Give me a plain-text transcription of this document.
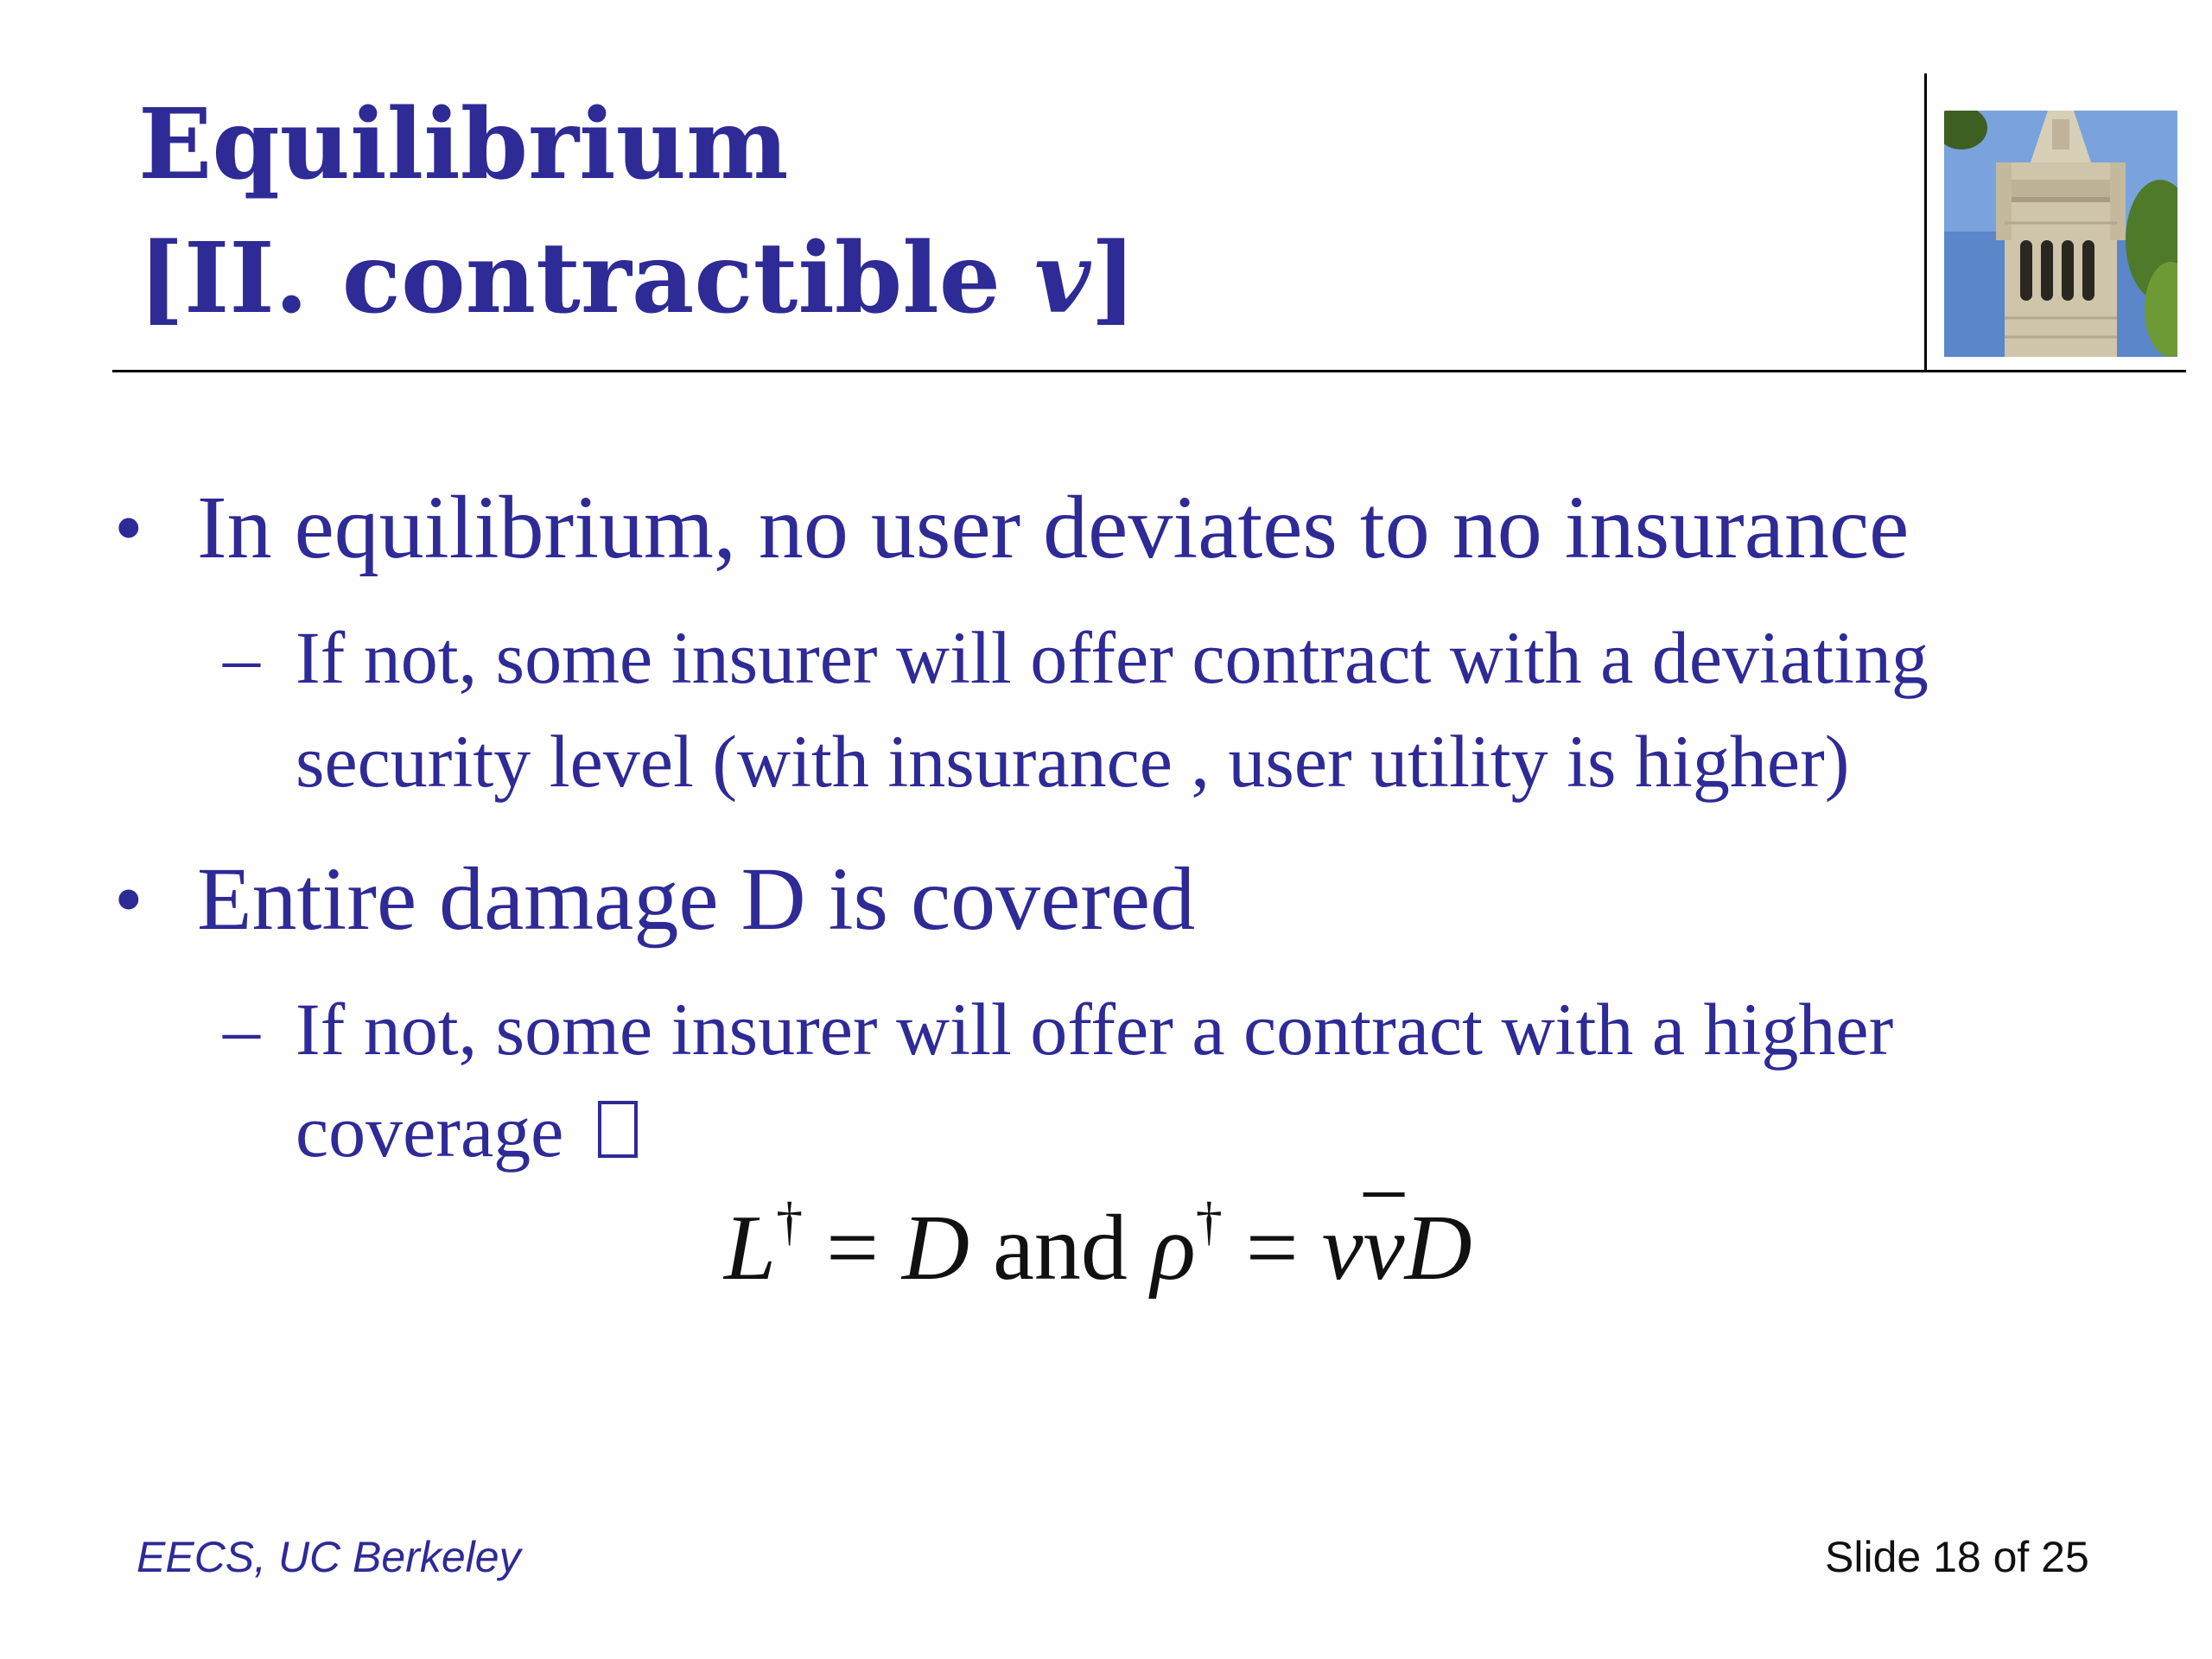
Equilibrium
[II. contractible v]
• In equilibrium, no user deviates to no insurance
– If not, some insurer will offer contract with a deviating
security level (with insurance , user utility is higher)
• Entire damage D is covered
– If not, some insurer will offer a contract with a higher
coverage
L† = D and $\rho^\dagger = v\overline{v}D$
EECS, UC Berkeley	Slide 18 of 25
